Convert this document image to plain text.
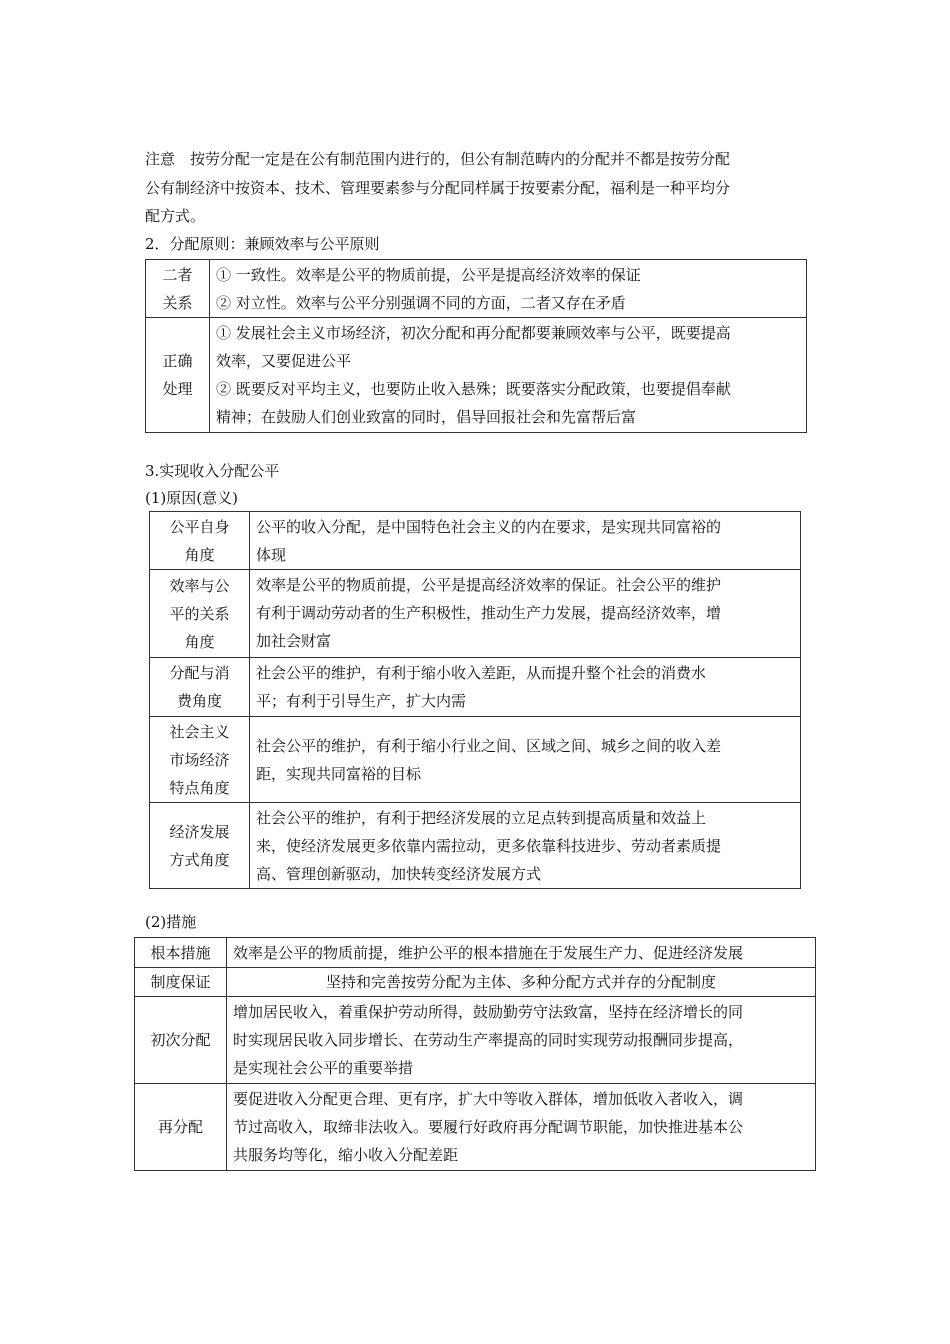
注意　按劳分配一定是在公有制范围内进行的，但公有制范畴内的分配并不都是按劳分配
公有制经济中按资本、技术、管理要素参与分配同样属于按要素分配，福利是一种平均分
配方式。
2．分配原则：兼顾效率与公平原则
二者
关系	① 一致性。效率是公平的物质前提，公平是提高经济效率的保证
② 对立性。效率与公平分别强调不同的方面，二者又存在矛盾

正确
处理	① 发展社会主义市场经济，初次分配和再分配都要兼顾效率与公平，既要提高
效率，又要促进公平
② 既要反对平均主义，也要防止收入悬殊；既要落实分配政策，也要提倡奉献
精神；在鼓励人们创业致富的同时，倡导回报社会和先富帮后富
3.实现收入分配公平
(1)原因(意义)
公平自身
角度	公平的收入分配，是中国特色社会主义的内在要求，是实现共同富裕的
体现

效率与公
平的关系
角度	效率是公平的物质前提，公平是提高经济效率的保证。社会公平的维护
有利于调动劳动者的生产积极性，推动生产力发展，提高经济效率，增
加社会财富

分配与消
费角度	社会公平的维护，有利于缩小收入差距，从而提升整个社会的消费水
平；有利于引导生产，扩大内需

社会主义
市场经济
特点角度	社会公平的维护，有利于缩小行业之间、区域之间、城乡之间的收入差
距，实现共同富裕的目标

经济发展
方式角度	社会公平的维护，有利于把经济发展的立足点转到提高质量和效益上
来，使经济发展更多依靠内需拉动，更多依靠科技进步、劳动者素质提
高、管理创新驱动，加快转变经济发展方式
(2)措施
根本措施	效率是公平的物质前提，维护公平的根本措施在于发展生产力、促进经济发展

制度保证	坚持和完善按劳分配为主体、多种分配方式并存的分配制度

初次分配	增加居民收入，着重保护劳动所得，鼓励勤劳守法致富，坚持在经济增长的同
时实现居民收入同步增长、在劳动生产率提高的同时实现劳动报酬同步提高，
是实现社会公平的重要举措

再分配	要促进收入分配更合理、更有序，扩大中等收入群体，增加低收入者收入，调
节过高收入，取缔非法收入。要履行好政府再分配调节职能，加快推进基本公
共服务均等化，缩小收入分配差距
